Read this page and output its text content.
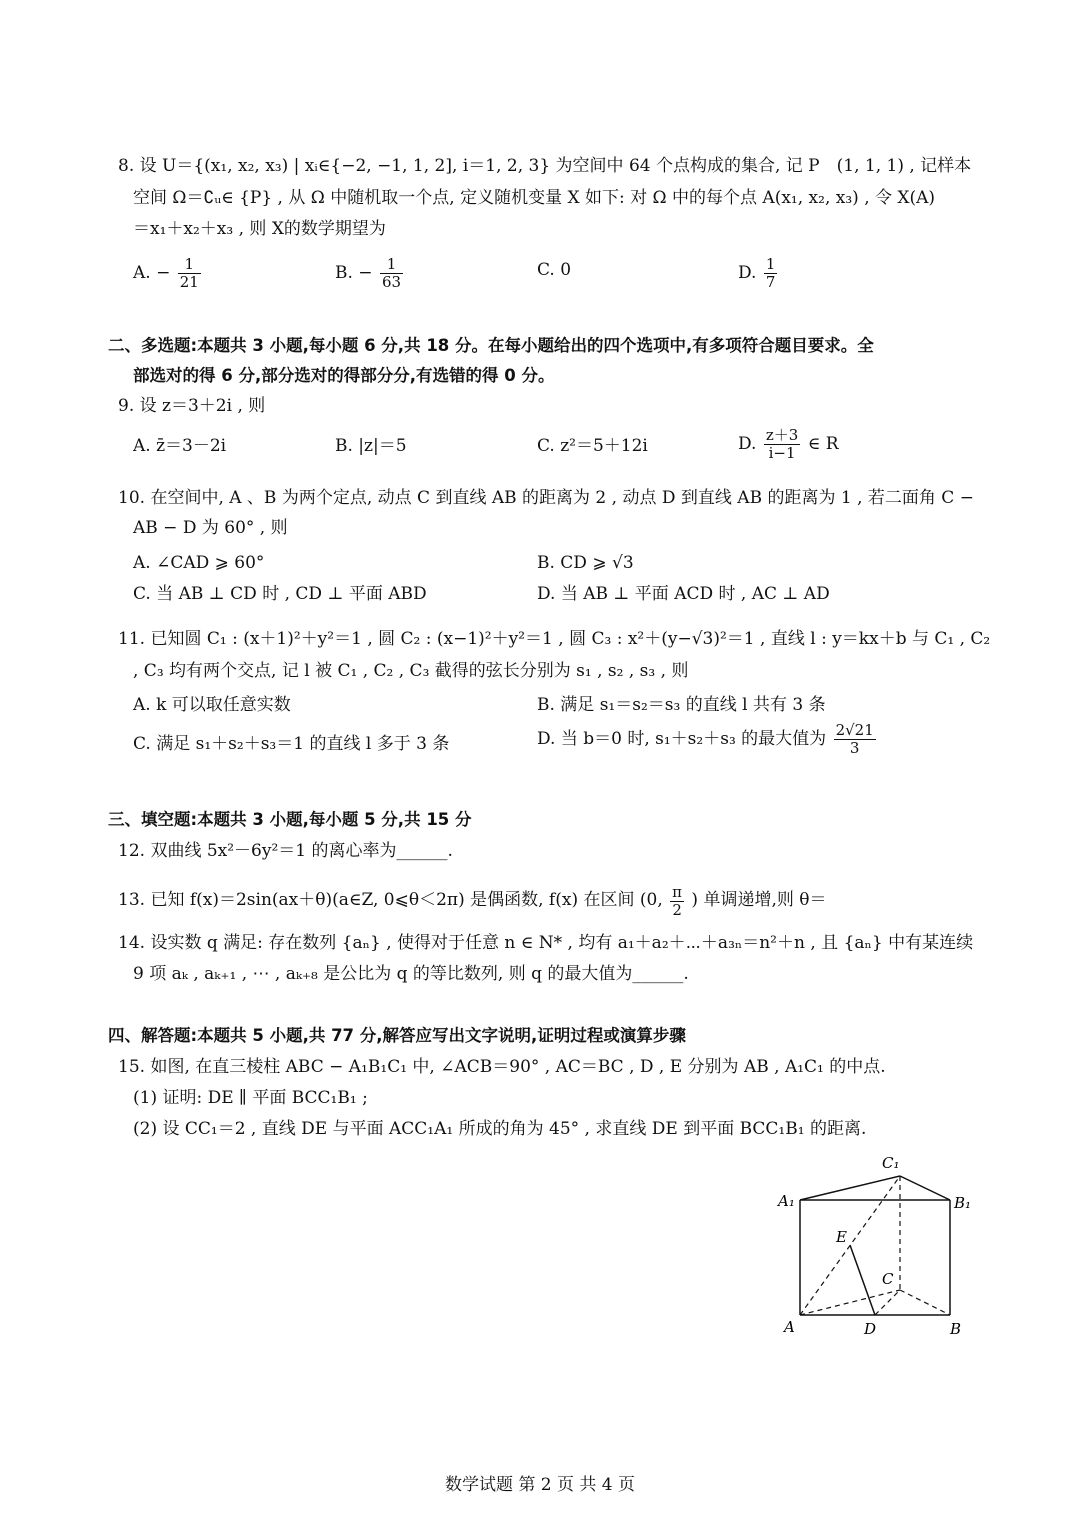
8. 设 U＝{(x₁, x₂, x₃) | xᵢ∈{−2, −1, 1, 2], i＝1, 2, 3} 为空间中 64 个点构成的集合, 记 P　(1, 1, 1) , 记样本
空间 Ω＝∁ᵤ∈ {P} , 从 Ω 中随机取一个点, 定义随机变量 X 如下: 对 Ω 中的每个点 A(x₁, x₂, x₃) , 令 X(A)
＝x₁＋x₂＋x₃ , 则 X的数学期望为
A. − $\frac{1}{21}$	B. − $\frac{1}{63}$	C. 0	D. $\frac{1}{7}$
二、多选题:本题共 3 小题,每小题 6 分,共 18 分。在每小题给出的四个选项中,有多项符合题目要求。全
部选对的得 6 分,部分选对的得部分分,有选错的得 0 分。
9. 设 z＝3＋2i , 则
A. z̄＝3－2i	B. |z|＝5	C. z²＝5＋12i	D. $\frac{z+3}{i-1}$ ∈ R
10. 在空间中, A 、B 为两个定点, 动点 C 到直线 AB 的距离为 2 , 动点 D 到直线 AB 的距离为 1 , 若二面角 C −
AB − D 为 60° , 则
A. ∠CAD ⩾ 60°	B. CD ⩾ √3
C. 当 AB ⊥ CD 时 , CD ⊥ 平面 ABD	D. 当 AB ⊥ 平面 ACD 时 , AC ⊥ AD
11. 已知圆 C₁ : (x＋1)²＋y²＝1 , 圆 C₂ : (x−1)²＋y²＝1 , 圆 C₃ : x²＋(y−√3)²＝1 , 直线 l : y＝kx＋b 与 C₁ , C₂
, C₃ 均有两个交点, 记 l 被 C₁ , C₂ , C₃ 截得的弦长分别为 s₁ , s₂ , s₃ , 则
A. k 可以取任意实数	B. 满足 s₁＝s₂＝s₃ 的直线 l 共有 3 条
C. 满足 s₁＋s₂＋s₃＝1 的直线 l 多于 3 条	D. 当 b＝0 时, s₁＋s₂＋s₃ 的最大值为 $\frac{2√21}{3}$
三、填空题:本题共 3 小题,每小题 5 分,共 15 分
12. 双曲线 5x²－6y²＝1 的离心率为______.
13. 已知 f(x)＝2sin(ax＋θ)(a∈Z, 0⩽θ＜2π) 是偶函数, f(x) 在区间 (0, $\frac{\pi}{2}$ ) 单调递增,则 θ＝
14. 设实数 q 满足: 存在数列 {aₙ} , 使得对于任意 n ∈ N* , 均有 a₁＋a₂＋⋯＋a₃ₙ＝n²＋n , 且 {aₙ} 中有某连续
9 项 aₖ , aₖ₊₁ , ⋯ , aₖ₊₈ 是公比为 q 的等比数列, 则 q 的最大值为______.
四、解答题:本题共 5 小题,共 77 分,解答应写出文字说明,证明过程或演算步骤
15. 如图, 在直三棱柱 ABC − A₁B₁C₁ 中, ∠ACB＝90° , AC＝BC , D , E 分别为 AB , A₁C₁ 的中点.
(1) 证明: DE ∥ 平面 BCC₁B₁ ;
(2) 设 CC₁＝2 , 直线 DE 与平面 ACC₁A₁ 所成的角为 45° , 求直线 DE 到平面 BCC₁B₁ 的距离.
C₁
A₁	B₁
E
C
A	D	B
数学试题 第 2 页 共 4 页
